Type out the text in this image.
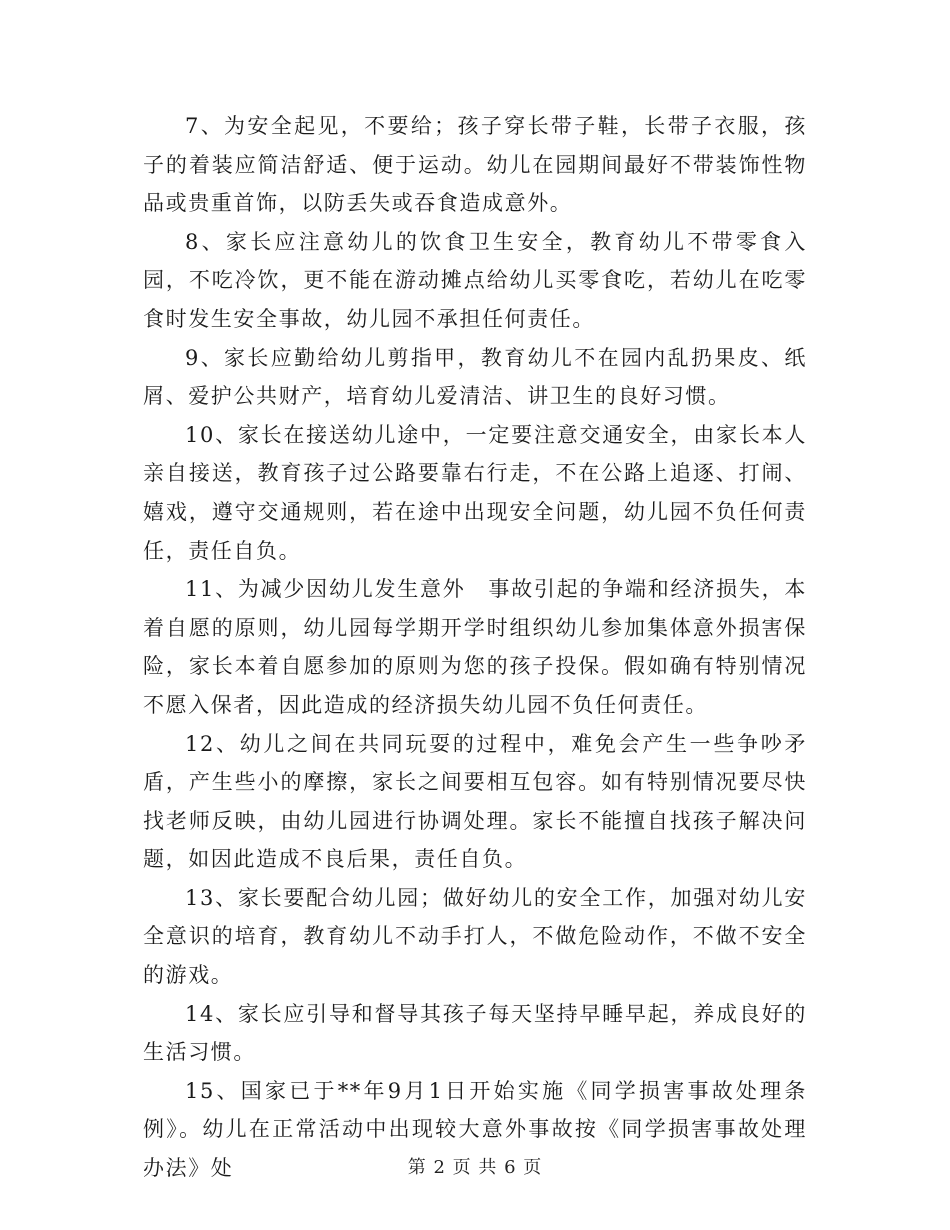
7、为安全起见，不要给；孩子穿长带子鞋，长带子衣服，孩子的着装应简洁舒适、便于运动。幼儿在园期间最好不带装饰性物品或贵重首饰，以防丢失或吞食造成意外。

8、家长应注意幼儿的饮食卫生安全，教育幼儿不带零食入园，不吃冷饮，更不能在游动摊点给幼儿买零食吃，若幼儿在吃零食时发生安全事故，幼儿园不承担任何责任。

9、家长应勤给幼儿剪指甲，教育幼儿不在园内乱扔果皮、纸屑、爱护公共财产，培育幼儿爱清洁、讲卫生的良好习惯。

10、家长在接送幼儿途中，一定要注意交通安全，由家长本人亲自接送，教育孩子过公路要靠右行走，不在公路上追逐、打闹、嬉戏，遵守交通规则，若在途中出现安全问题，幼儿园不负任何责任，责任自负。

11、为减少因幼儿发生意外　事故引起的争端和经济损失，本着自愿的原则，幼儿园每学期开学时组织幼儿参加集体意外损害保险，家长本着自愿参加的原则为您的孩子投保。假如确有特别情况不愿入保者，因此造成的经济损失幼儿园不负任何责任。

12、幼儿之间在共同玩耍的过程中，难免会产生一些争吵矛盾，产生些小的摩擦，家长之间要相互包容。如有特别情况要尽快找老师反映，由幼儿园进行协调处理。家长不能擅自找孩子解决问题，如因此造成不良后果，责任自负。

13、家长要配合幼儿园；做好幼儿的安全工作，加强对幼儿安全意识的培育，教育幼儿不动手打人，不做危险动作，不做不安全的游戏。

14、家长应引导和督导其孩子每天坚持早睡早起，养成良好的生活习惯。

15、国家已于**年9月1日开始实施《同学损害事故处理条例》。幼儿在正常活动中出现较大意外事故按《同学损害事故处理办法》处	第 2 页 共 6 页
